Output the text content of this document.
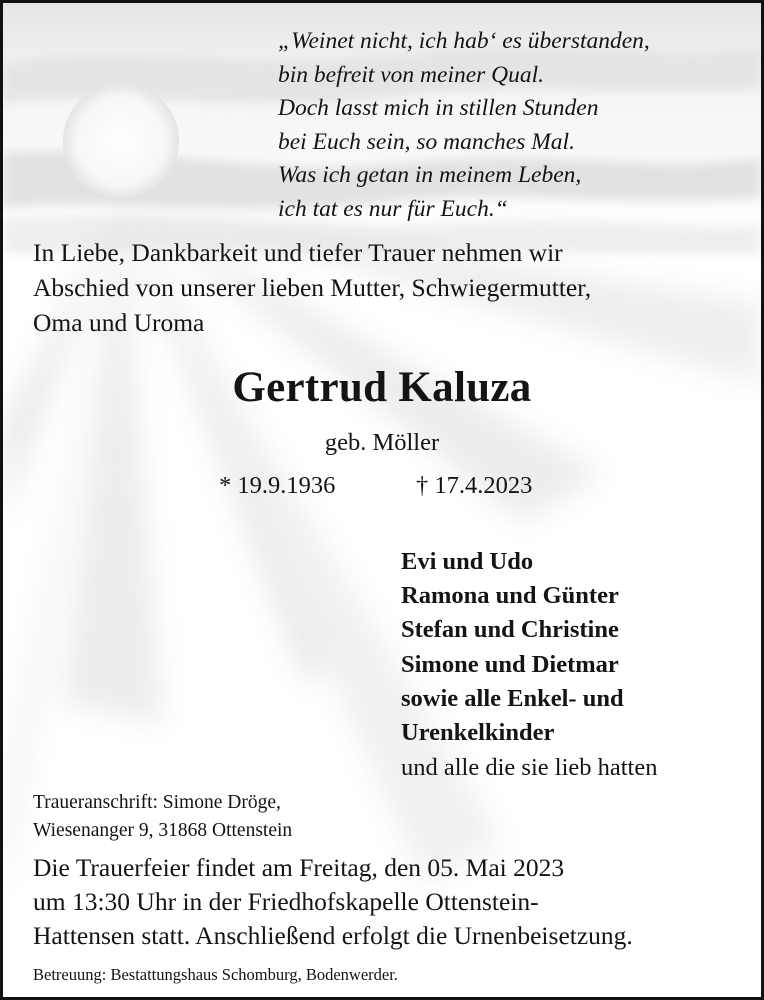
„Weinet nicht, ich hab‘ es überstanden,
bin befreit von meiner Qual.
Doch lasst mich in stillen Stunden
bei Euch sein, so manches Mal.
Was ich getan in meinem Leben,
ich tat es nur für Euch.“
In Liebe, Dankbarkeit und tiefer Trauer nehmen wir
Abschied von unserer lieben Mutter, Schwiegermutter,
Oma und Uroma
Gertrud Kaluza
geb. Möller
* 19.9.1936	† 17.4.2023
Evi und Udo
Ramona und Günter
Stefan und Christine
Simone und Dietmar
sowie alle Enkel- und
Urenkelkinder
und alle die sie lieb hatten
Traueranschrift: Simone Dröge,
Wiesenanger 9, 31868 Ottenstein
Die Trauerfeier findet am Freitag, den 05. Mai 2023
um 13:30 Uhr in der Friedhofskapelle Ottenstein-
Hattensen statt. Anschließend erfolgt die Urnenbeisetzung.
Betreuung: Bestattungshaus Schomburg, Bodenwerder.
